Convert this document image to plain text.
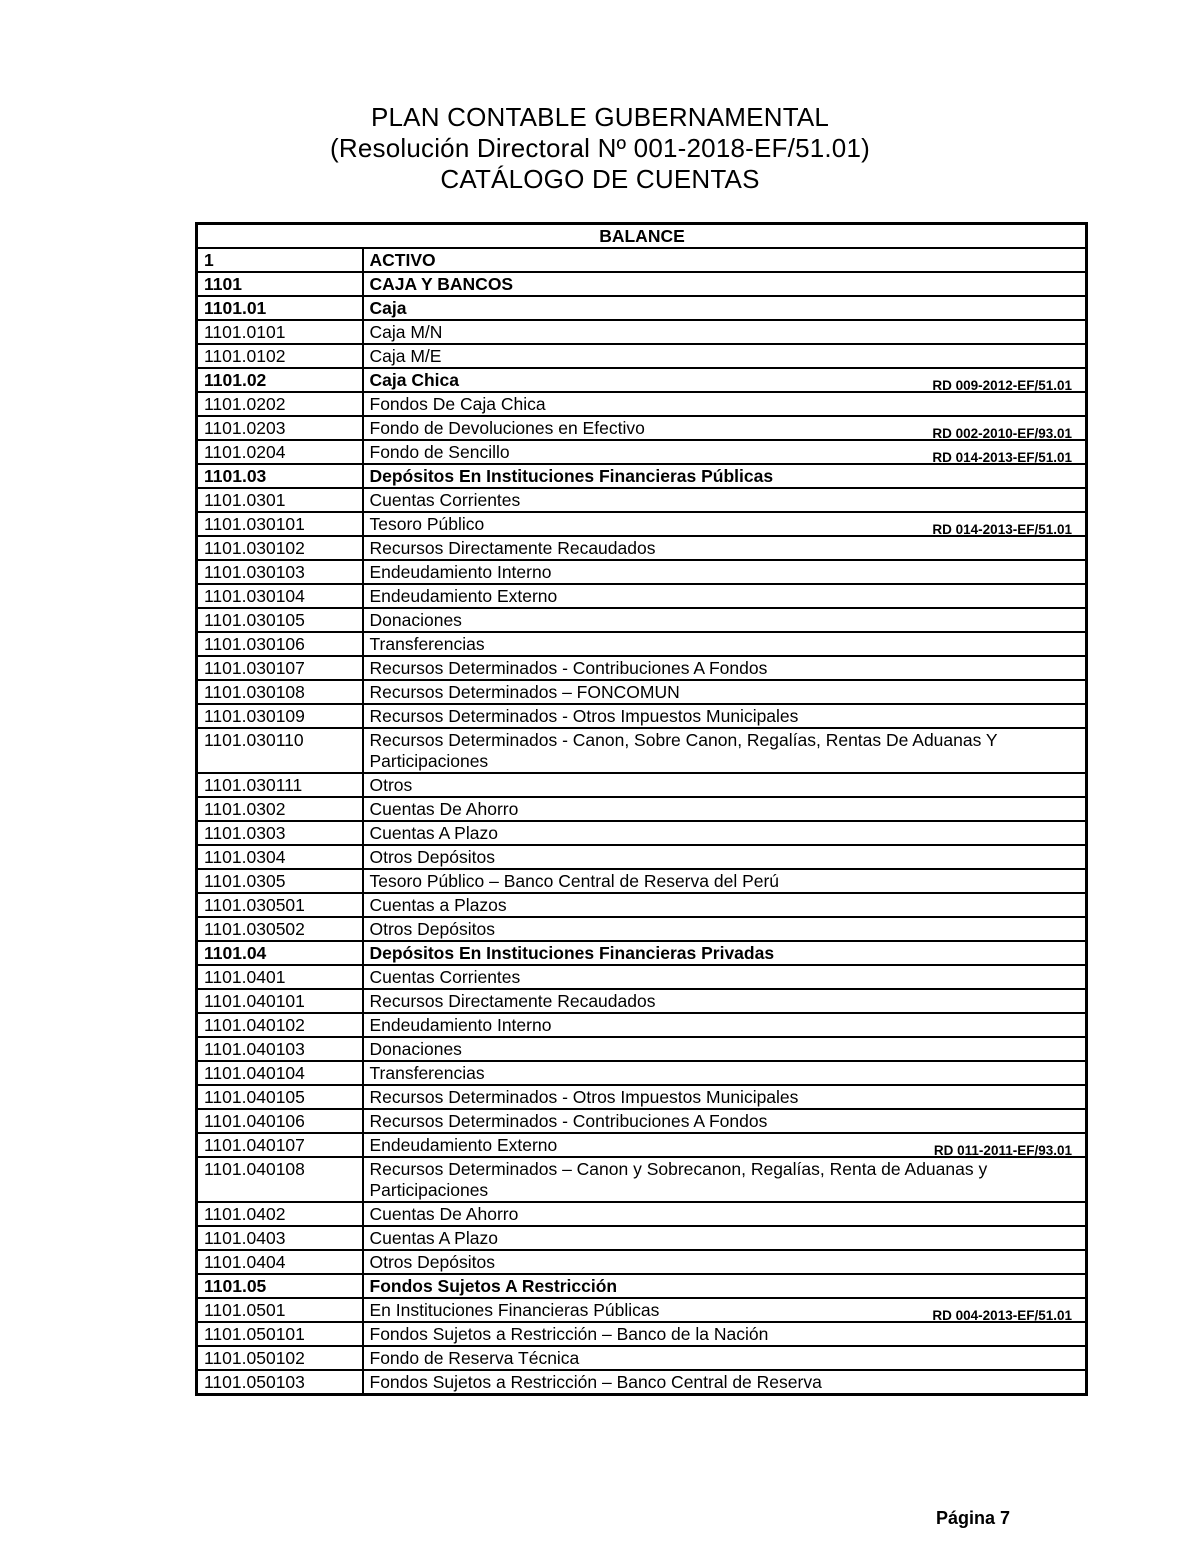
PLAN CONTABLE GUBERNAMENTAL
(Resolución Directoral Nº 001-2018-EF/51.01)
CATÁLOGO DE CUENTAS
BALANCE	
1	ACTIVO

1101	CAJA Y BANCOS

1101.01	Caja

1101.0101	Caja M/N

1101.0102	Caja M/E

1101.02	Caja Chica RD 009-2012-EF/51.01

1101.0202	Fondos De Caja Chica

1101.0203	Fondo de Devoluciones en Efectivo RD 002-2010-EF/93.01

1101.0204	Fondo de Sencillo RD 014-2013-EF/51.01

1101.03	Depósitos En Instituciones Financieras Públicas

1101.0301	Cuentas Corrientes

1101.030101	Tesoro Público RD 014-2013-EF/51.01

1101.030102	Recursos Directamente Recaudados

1101.030103	Endeudamiento Interno

1101.030104	Endeudamiento Externo

1101.030105	Donaciones

1101.030106	Transferencias

1101.030107	Recursos Determinados - Contribuciones A Fondos

1101.030108	Recursos Determinados – FONCOMUN

1101.030109	Recursos Determinados - Otros Impuestos Municipales

1101.030110	Recursos Determinados - Canon, Sobre Canon, Regalías, Rentas De Aduanas Y Participaciones

1101.030111	Otros

1101.0302	Cuentas De Ahorro

1101.0303	Cuentas A Plazo

1101.0304	Otros Depósitos

1101.0305	Tesoro Público – Banco Central de Reserva del Perú

1101.030501	Cuentas a Plazos

1101.030502	Otros Depósitos

1101.04	Depósitos En Instituciones Financieras Privadas

1101.0401	Cuentas Corrientes

1101.040101	Recursos Directamente Recaudados

1101.040102	Endeudamiento Interno

1101.040103	Donaciones

1101.040104	Transferencias

1101.040105	Recursos Determinados - Otros Impuestos Municipales

1101.040106	Recursos Determinados - Contribuciones A Fondos

1101.040107	Endeudamiento Externo RD 011-2011-EF/93.01

1101.040108	Recursos Determinados – Canon y Sobrecanon, Regalías, Renta de Aduanas y Participaciones

1101.0402	Cuentas De Ahorro

1101.0403	Cuentas A Plazo

1101.0404	Otros Depósitos

1101.05	Fondos Sujetos A Restricción

1101.0501	En Instituciones Financieras Públicas RD 004-2013-EF/51.01

1101.050101	Fondos Sujetos a Restricción – Banco de la Nación

1101.050102	Fondo de Reserva Técnica

1101.050103	Fondos Sujetos a Restricción – Banco Central de Reserva
Página 7
